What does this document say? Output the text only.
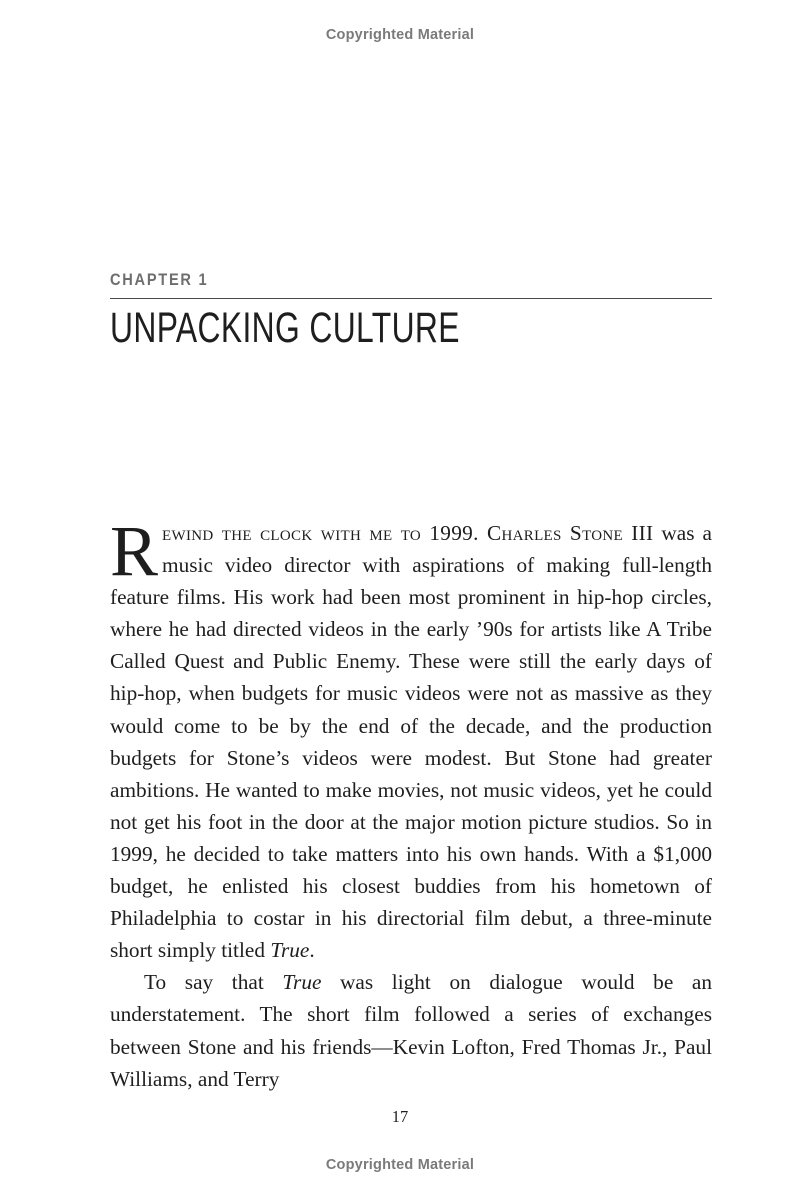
Copyrighted Material
CHAPTER 1
UNPACKING CULTURE

Rewind the clock with me to 1999. Charles Stone III was a music video director with aspirations of making full-length feature films. His work had been most prominent in hip-hop circles, where he had directed videos in the early ’90s for artists like A Tribe Called Quest and Public Enemy. These were still the early days of hip-hop, when budgets for music videos were not as massive as they would come to be by the end of the decade, and the production budgets for Stone’s videos were modest. But Stone had greater ambitions. He wanted to make movies, not music videos, yet he could not get his foot in the door at the major motion picture studios. So in 1999, he decided to take matters into his own hands. With a $1,000 budget, he enlisted his closest buddies from his hometown of Philadelphia to costar in his directorial film debut, a three-minute short simply titled True.

To say that True was light on dialogue would be an understatement. The short film followed a series of exchanges between Stone and his friends—Kevin Lofton, Fred Thomas Jr., Paul Williams, and Terry

17
Copyrighted Material
